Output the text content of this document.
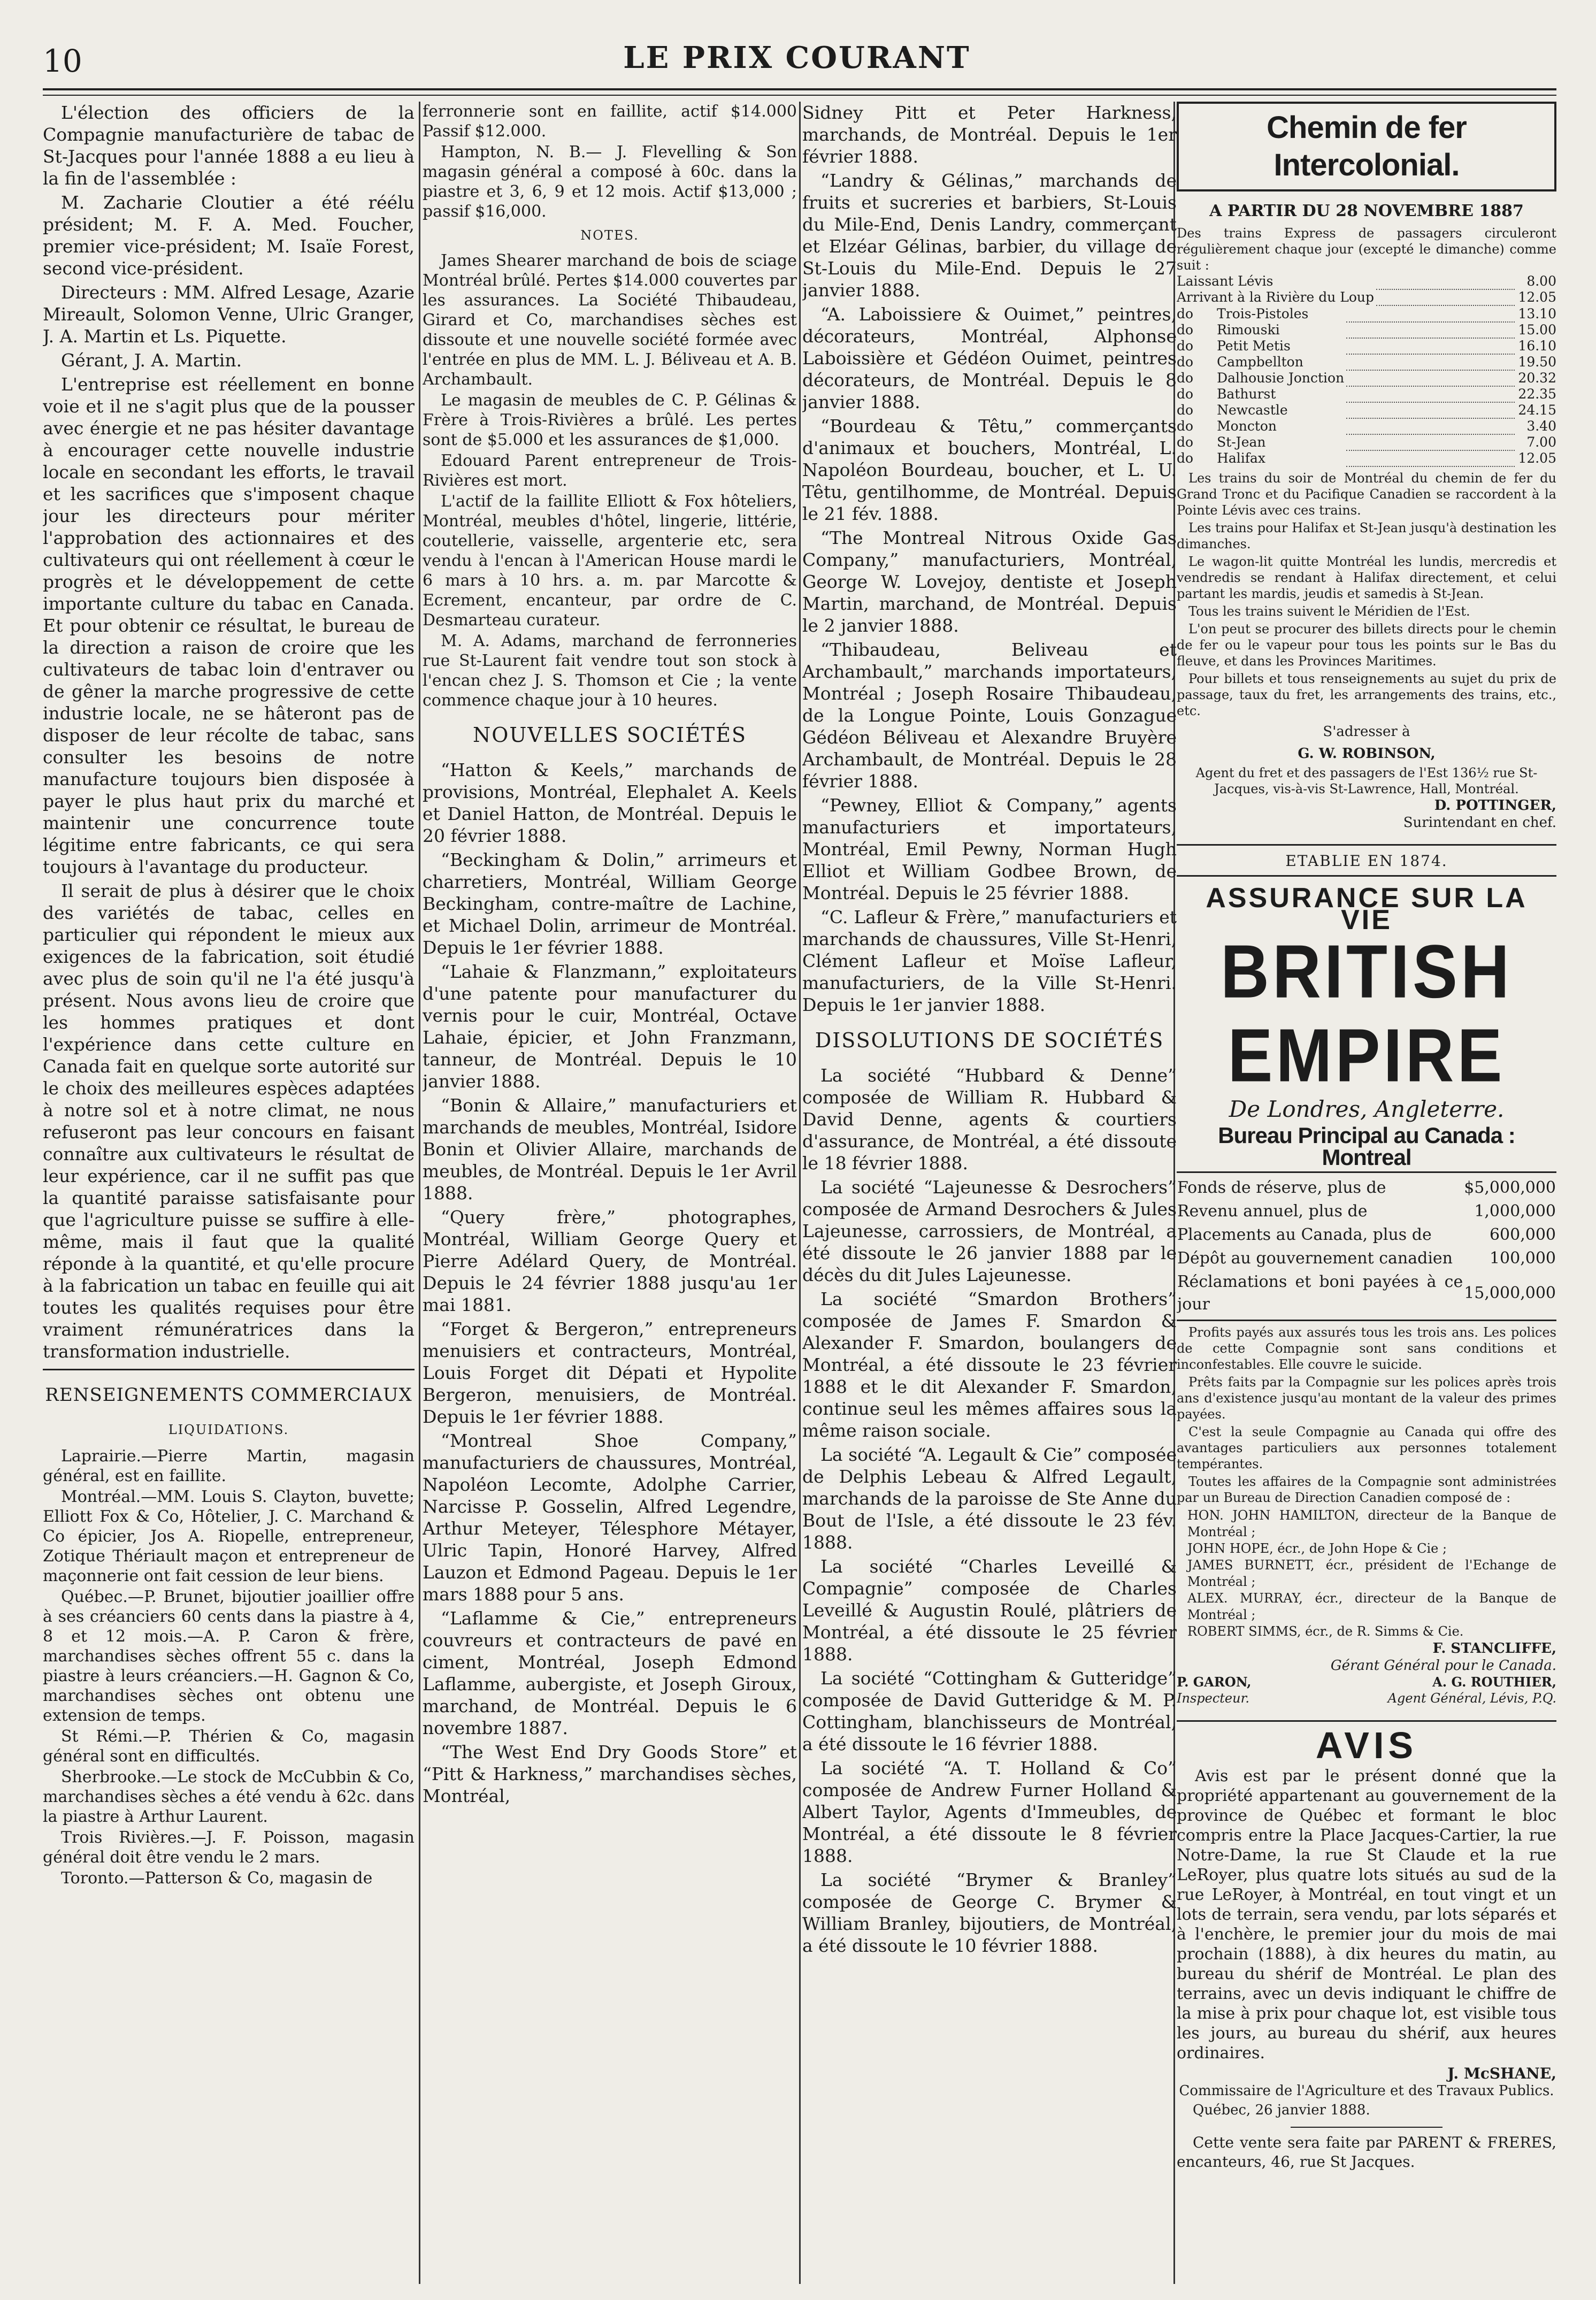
10	LE PRIX COURANT

L'élection des officiers de la Compagnie manufacturière de tabac de St-Jacques pour l'année 1888 a eu lieu à la fin de l'assemblée :

M. Zacharie Cloutier a été réélu président; M. F. A. Med. Foucher, premier vice-président; M. Isaïe Forest, second vice-président.

Directeurs : MM. Alfred Lesage, Azarie Mireault, Solomon Venne, Ulric Granger, J. A. Martin et Ls. Piquette.

Gérant, J. A. Martin.

L'entreprise est réellement en bonne voie et il ne s'agit plus que de la pousser avec énergie et ne pas hésiter davantage à encourager cette nouvelle industrie locale en secondant les efforts, le travail et les sacrifices que s'imposent chaque jour les directeurs pour mériter l'approbation des actionnaires et des cultivateurs qui ont réellement à cœur le progrès et le développement de cette importante culture du tabac en Canada. Et pour obtenir ce résultat, le bureau de la direction a raison de croire que les cultivateurs de tabac loin d'entraver ou de gêner la marche progressive de cette industrie locale, ne se hâteront pas de disposer de leur récolte de tabac, sans consulter les besoins de notre manufacture toujours bien disposée à payer le plus haut prix du marché et maintenir une concurrence toute légitime entre fabricants, ce qui sera toujours à l'avantage du producteur.

Il serait de plus à désirer que le choix des variétés de tabac, celles en particulier qui répondent le mieux aux exigences de la fabrication, soit étudié avec plus de soin qu'il ne l'a été jusqu'à présent. Nous avons lieu de croire que les hommes pratiques et dont l'expérience dans cette culture en Canada fait en quelque sorte autorité sur le choix des meilleures espèces adaptées à notre sol et à notre climat, ne nous refuseront pas leur concours en faisant connaître aux cultivateurs le résultat de leur expérience, car il ne suffit pas que la quantité paraisse satisfaisante pour que l'agriculture puisse se suffire à elle-même, mais il faut que la qualité réponde à la quantité, et qu'elle procure à la fabrication un tabac en feuille qui ait toutes les qualités requises pour être vraiment rémunératrices dans la transformation industrielle.

RENSEIGNEMENTS COMMERCIAUX
LIQUIDATIONS.

Laprairie.—Pierre Martin, magasin général, est en faillite.

Montréal.—MM. Louis S. Clayton, buvette; Elliott Fox & Co, Hôtelier, J. C. Marchand & Co épicier, Jos A. Riopelle, entrepreneur, Zotique Thériault maçon et entrepreneur de maçonnerie ont fait cession de leur biens.

Québec.—P. Brunet, bijoutier joaillier offre à ses créanciers 60 cents dans la piastre à 4, 8 et 12 mois.—A. P. Caron & frère, marchandises sèches offrent 55 c. dans la piastre à leurs créanciers.—H. Gagnon & Co, marchandises sèches ont obtenu une extension de temps.

St Rémi.—P. Thérien & Co, magasin général sont en difficultés.

Sherbrooke.—Le stock de McCubbin & Co, marchandises sèches a été vendu à 62c. dans la piastre à Arthur Laurent.

Trois Rivières.—J. F. Poisson, magasin général doit être vendu le 2 mars.

Toronto.—Patterson & Co, magasin de

ferronnerie sont en faillite, actif $14.000 Passif $12.000.

Hampton, N. B.— J. Flevelling & Son magasin général a composé à 60c. dans la piastre et 3, 6, 9 et 12 mois. Actif $13,000 ; passif $16,000.

NOTES.

James Shearer marchand de bois de sciage Montréal brûlé. Pertes $14.000 couvertes par les assurances. La Société Thibaudeau, Girard et Co, marchandises sèches est dissoute et une nouvelle société formée avec l'entrée en plus de MM. L. J. Béliveau et A. B. Archambault.

Le magasin de meubles de C. P. Gélinas & Frère à Trois-Rivières a brûlé. Les pertes sont de $5.000 et les assurances de $1,000.

Edouard Parent entrepreneur de Trois-Rivières est mort.

L'actif de la faillite Elliott & Fox hôteliers, Montréal, meubles d'hôtel, lingerie, littérie, coutellerie, vaisselle, argenterie etc, sera vendu à l'encan à l'American House mardi le 6 mars à 10 hrs. a. m. par Marcotte & Ecrement, encanteur, par ordre de C. Desmarteau curateur.

M. A. Adams, marchand de ferronneries rue St-Laurent fait vendre tout son stock à l'encan chez J. S. Thomson et Cie ; la vente commence chaque jour à 10 heures.

NOUVELLES SOCIÉTÉS

“Hatton & Keels,” marchands de provisions, Montréal, Elephalet A. Keels et Daniel Hatton, de Montréal. Depuis le 20 février 1888.

“Beckingham & Dolin,” arrimeurs et charretiers, Montréal, William George Beckingham, contre-maître de Lachine, et Michael Dolin, arrimeur de Montréal. Depuis le 1er février 1888.

“Lahaie & Flanzmann,” exploitateurs d'une patente pour manufacturer du vernis pour le cuir, Montréal, Octave Lahaie, épicier, et John Franzmann, tanneur, de Montréal. Depuis le 10 janvier 1888.

“Bonin & Allaire,” manufacturiers et marchands de meubles, Montréal, Isidore Bonin et Olivier Allaire, marchands de meubles, de Montréal. Depuis le 1er Avril 1888.

“Query frère,” photographes, Montréal, William George Query et Pierre Adélard Query, de Montréal. Depuis le 24 février 1888 jusqu'au 1er mai 1881.

“Forget & Bergeron,” entrepreneurs menuisiers et contracteurs, Montréal, Louis Forget dit Dépati et Hypolite Bergeron, menuisiers, de Montréal. Depuis le 1er février 1888.

“Montreal Shoe Company,” manufacturiers de chaussures, Montréal, Napoléon Lecomte, Adolphe Carrier, Narcisse P. Gosselin, Alfred Legendre, Arthur Meteyer, Télesphore Métayer, Ulric Tapin, Honoré Harvey, Alfred Lauzon et Edmond Pageau. Depuis le 1er mars 1888 pour 5 ans.

“Laflamme & Cie,” entrepreneurs couvreurs et contracteurs de pavé en ciment, Montréal, Joseph Edmond Laflamme, aubergiste, et Joseph Giroux, marchand, de Montréal. Depuis le 6 novembre 1887.

“The West End Dry Goods Store” et “Pitt & Harkness,” marchandises sèches, Montréal,

Sidney Pitt et Peter Harkness, marchands, de Montréal. Depuis le 1er février 1888.

“Landry & Gélinas,” marchands de fruits et sucreries et barbiers, St-Louis du Mile-End, Denis Landry, commerçant et Elzéar Gélinas, barbier, du village de St-Louis du Mile-End. Depuis le 27 janvier 1888.

“A. Laboissiere & Ouimet,” peintres, décorateurs, Montréal, Alphonse Laboissière et Gédéon Ouimet, peintres décorateurs, de Montréal. Depuis le 8 janvier 1888.

“Bourdeau & Têtu,” commerçants d'animaux et bouchers, Montréal, L. Napoléon Bourdeau, boucher, et L. U. Têtu, gentilhomme, de Montréal. Depuis le 21 fév. 1888.

“The Montreal Nitrous Oxide Gas Company,” manufacturiers, Montréal, George W. Lovejoy, dentiste et Joseph Martin, marchand, de Montréal. Depuis le 2 janvier 1888.

“Thibaudeau, Beliveau et Archambault,” marchands importateurs, Montréal ; Joseph Rosaire Thibaudeau, de la Longue Pointe, Louis Gonzague Gédéon Béliveau et Alexandre Bruyère Archambault, de Montréal. Depuis le 28 février 1888.

“Pewney, Elliot & Company,” agents manufacturiers et importateurs, Montréal, Emil Pewny, Norman Hugh Elliot et William Godbee Brown, de Montréal. Depuis le 25 février 1888.

“C. Lafleur & Frère,” manufacturiers et marchands de chaussures, Ville St-Henri, Clément Lafleur et Moïse Lafleur, manufacturiers, de la Ville St-Henri. Depuis le 1er janvier 1888.

DISSOLUTIONS DE SOCIÉTÉS

La société “Hubbard & Denne” composée de William R. Hubbard & David Denne, agents & courtiers d'assurance, de Montréal, a été dissoute le 18 février 1888.

La société “Lajeunesse & Desrochers” composée de Armand Desrochers & Jules Lajeunesse, carrossiers, de Montréal, a été dissoute le 26 janvier 1888 par le décès du dit Jules Lajeunesse.

La société “Smardon Brothers” composée de James F. Smardon & Alexander F. Smardon, boulangers de Montréal, a été dissoute le 23 février 1888 et le dit Alexander F. Smardon, continue seul les mêmes affaires sous la même raison sociale.

La société “A. Legault & Cie” composée de Delphis Lebeau & Alfred Legault, marchands de la paroisse de Ste Anne du Bout de l'Isle, a été dissoute le 23 fév. 1888.

La société “Charles Leveillé & Compagnie” composée de Charles Leveillé & Augustin Roulé, plâtriers de Montréal, a été dissoute le 25 février 1888.

La société “Cottingham & Gutteridge” composée de David Gutteridge & M. P. Cottingham, blanchisseurs de Montréal, a été dissoute le 16 février 1888.

La société “A. T. Holland & Co” composée de Andrew Furner Holland & Albert Taylor, Agents d'Immeubles, de Montréal, a été dissoute le 8 février 1888.

La société “Brymer & Branley” composée de George C. Brymer & William Branley, bijoutiers, de Montréal, a été dissoute le 10 février 1888.

Chemin de fer Intercolonial.
A PARTIR DU 28 NOVEMBRE 1887
Des trains Express de passagers circuleront régulièrement chaque jour (excepté le dimanche) comme suit :
Laissant Lévis		8.00
Arrivant à la Rivière du Loup		12.05
do	Trois-Pistoles		13.10
do	Rimouski		15.00
do	Petit Metis		16.10
do	Campbellton		19.50
do	Dalhousie Jonction		20.32
do	Bathurst		22.35
do	Newcastle		24.15
do	Moncton		3.40
do	St-Jean		7.00
do	Halifax		12.05

Les trains du soir de Montréal du chemin de fer du Grand Tronc et du Pacifique Canadien se raccordent à la Pointe Lévis avec ces trains.

Les trains pour Halifax et St-Jean jusqu'à destination les dimanches.

Le wagon-lit quitte Montréal les lundis, mercredis et vendredis se rendant à Halifax directement, et celui partant les mardis, jeudis et samedis à St-Jean.

Tous les trains suivent le Méridien de l'Est.

L'on peut se procurer des billets directs pour le chemin de fer ou le vapeur pour tous les points sur le Bas du fleuve, et dans les Provinces Maritimes.

Pour billets et tous renseignements au sujet du prix de passage, taux du fret, les arrangements des trains, etc., etc.

S'adresser à
G. W. ROBINSON,
Agent du fret et des passagers de l'Est 136½ rue St-Jacques, vis-à-vis St-Lawrence, Hall, Montréal.
D. POTTINGER,
Surintendant en chef.
ETABLIE EN 1874.
ASSURANCE SUR LA VIE
BRITISH EMPIRE
De Londres, Angleterre.
Bureau Principal au Canada : Montreal
Fonds de réserve, plus de	$5,000,000
Revenu annuel, plus de	1,000,000
Placements au Canada, plus de	600,000
Dépôt au gouvernement canadien	100,000
Réclamations et boni payées à ce jour	15,000,000

Profits payés aux assurés tous les trois ans. Les polices de cette Compagnie sont sans conditions et inconfestables. Elle couvre le suicide.

Prêts faits par la Compagnie sur les polices après trois ans d'existence jusqu'au montant de la valeur des primes payées.

C'est la seule Compagnie au Canada qui offre des avantages particuliers aux personnes totalement tempérantes.

Toutes les affaires de la Compagnie sont administrées par un Bureau de Direction Canadien composé de :

HON. JOHN HAMILTON, directeur de la Banque de Montréal ;

JOHN HOPE, écr., de John Hope & Cie ;

JAMES BURNETT, écr., président de l'Echange de Montréal ;

ALEX. MURRAY, écr., directeur de la Banque de Montréal ;

ROBERT SIMMS, écr., de R. Simms & Cie.

F. STANCLIFFE,
Gérant Général pour le Canada.
P. GARON,
Inspecteur.
A. G. ROUTHIER,
Agent Général, Lévis, P.Q.
AVIS

Avis est par le présent donné que la propriété appartenant au gouvernement de la province de Québec et formant le bloc compris entre la Place Jacques-Cartier, la rue Notre-Dame, la rue St Claude et la rue LeRoyer, plus quatre lots situés au sud de la rue LeRoyer, à Montréal, en tout vingt et un lots de terrain, sera vendu, par lots séparés et à l'enchère, le premier jour du mois de mai prochain (1888), à dix heures du matin, au bureau du shérif de Montréal. Le plan des terrains, avec un devis indiquant le chiffre de la mise à prix pour chaque lot, est visible tous les jours, au bureau du shérif, aux heures ordinaires.

J. McSHANE,
Commissaire de l'Agriculture et des Travaux Publics.
Québec, 26 janvier 1888.
Cette vente sera faite par PARENT & FRERES, encanteurs, 46, rue St Jacques.
